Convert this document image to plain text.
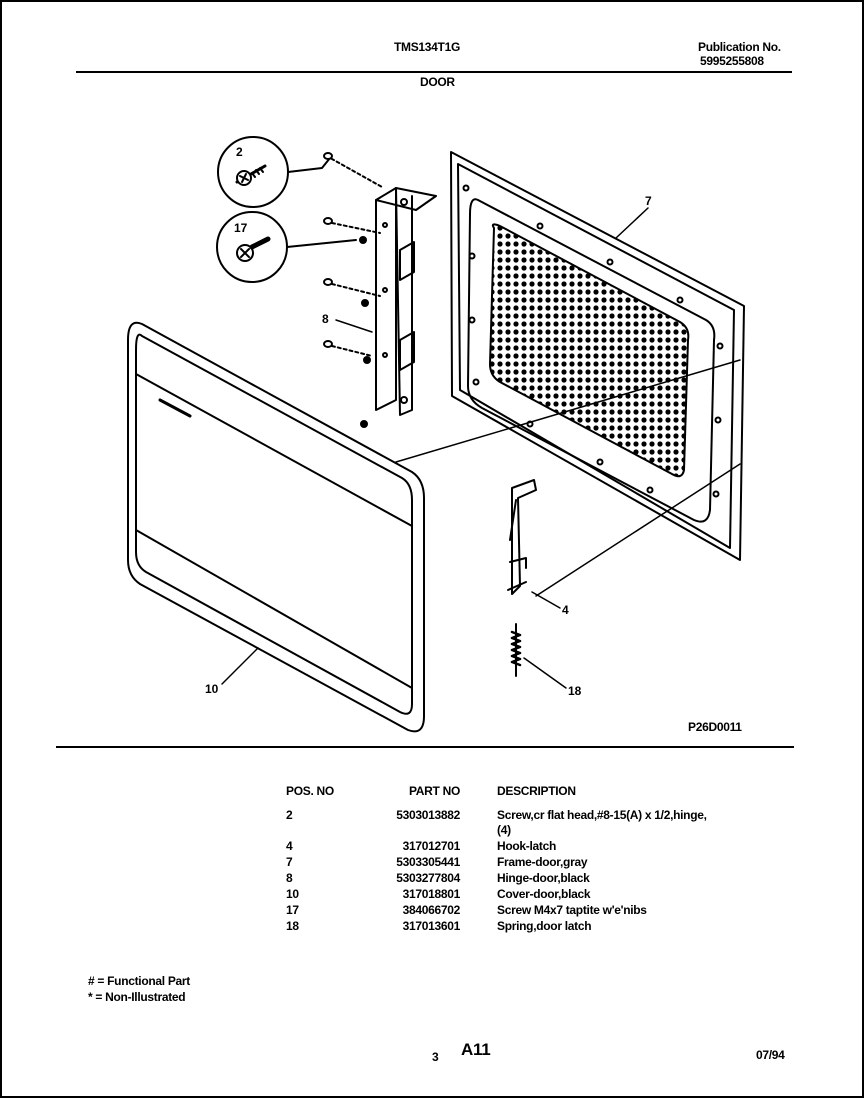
TMS134T1G	Publication No.
5995255808
DOOR
2
17
8
7
10
4
18
P26D0011
POS. NO	PART NO	DESCRIPTION
2	5303013882	Screw,cr flat head,#8-15(A) x 1/2,hinge,
(4)
4	317012701	Hook-latch
7	5303305441	Frame-door,gray
8	5303277804	Hinge-door,black
10	317018801	Cover-door,black
17	384066702	Screw M4x7 taptite w'e'nibs
18	317013601	Spring,door latch
# = Functional Part
* = Non-Illustrated
3 A11	07/94
